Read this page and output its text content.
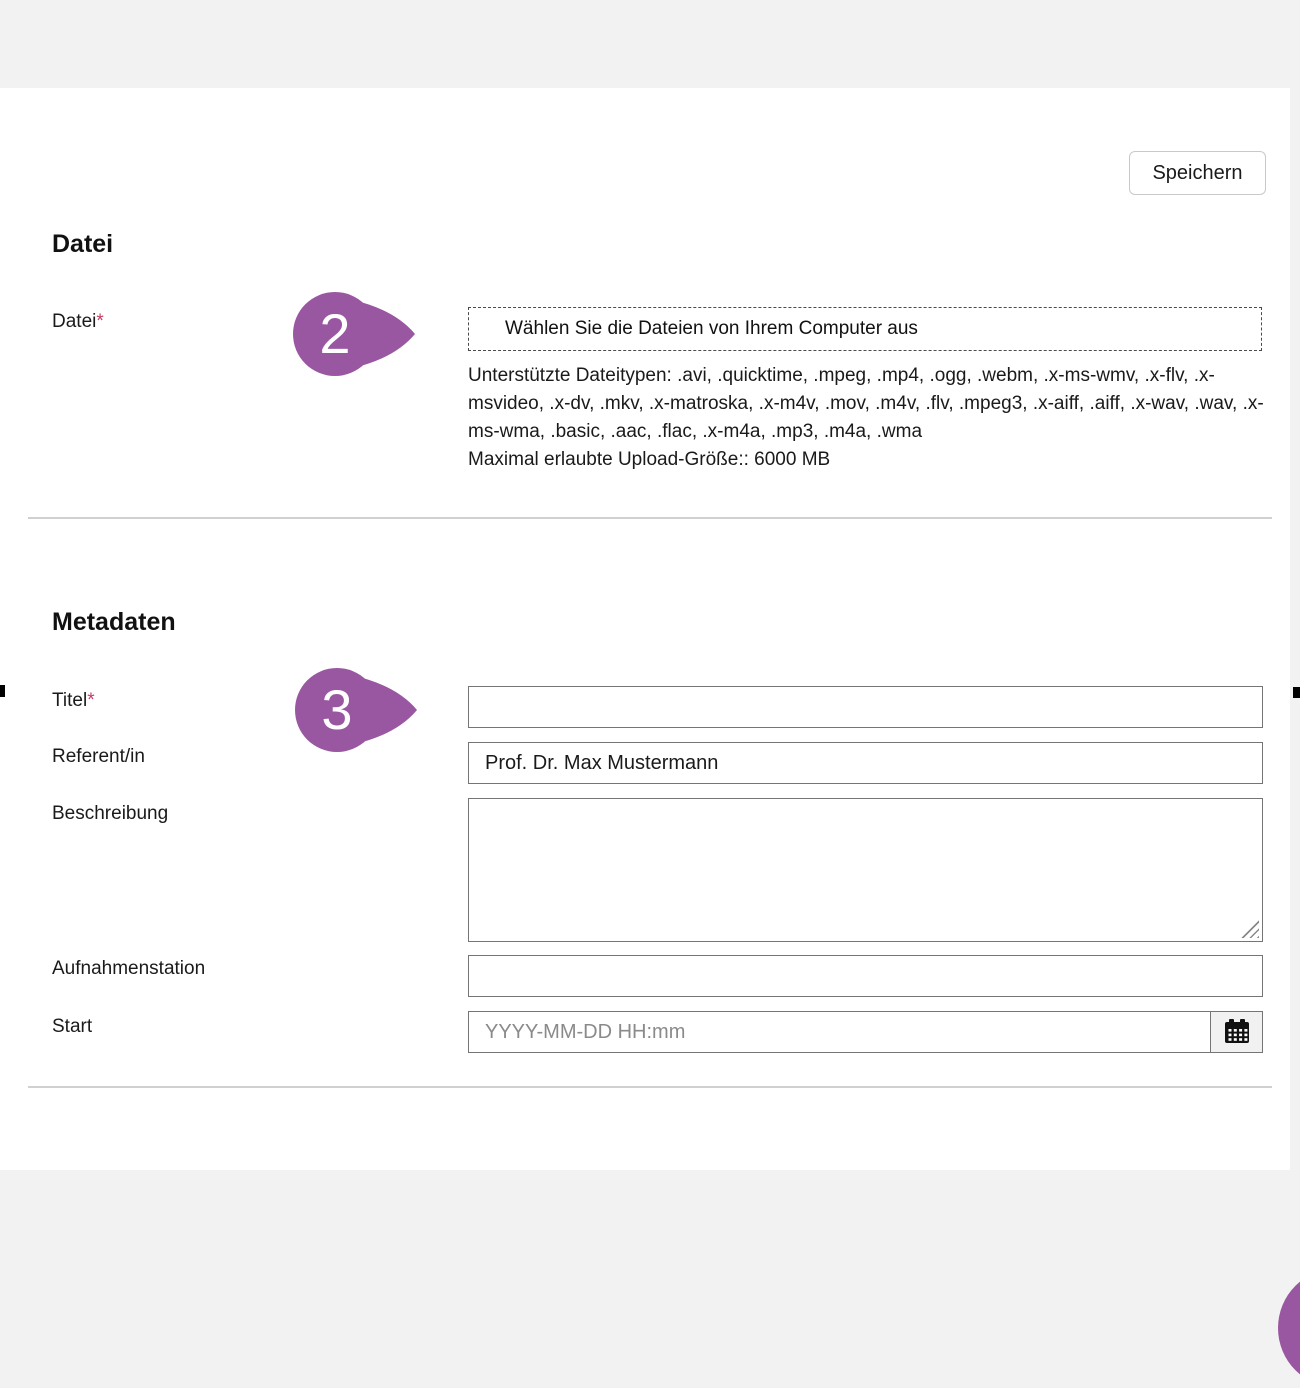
Speichern
Datei
Datei*	2	Wählen Sie die Dateien von Ihrem Computer aus
Unterstützte Dateitypen: .avi, .quicktime, .mpeg, .mp4, .ogg, .webm, .x-ms-wmv, .x-flv, .x-msvideo, .x-dv, .mkv, .x-matroska, .x-m4v, .mov, .m4v, .flv, .mpeg3, .x-aiff, .aiff, .x-wav, .wav, .x-ms-wma, .basic, .aac, .flac, .x-m4a, .mp3, .m4a, .wma
Maximal erlaubte Upload-Größe:: 6000 MB
Metadaten
3
Titel*
Referent/in
Prof. Dr. Max Mustermann
Beschreibung
Aufnahmenstation
Start
YYYY-MM-DD HH:mm
